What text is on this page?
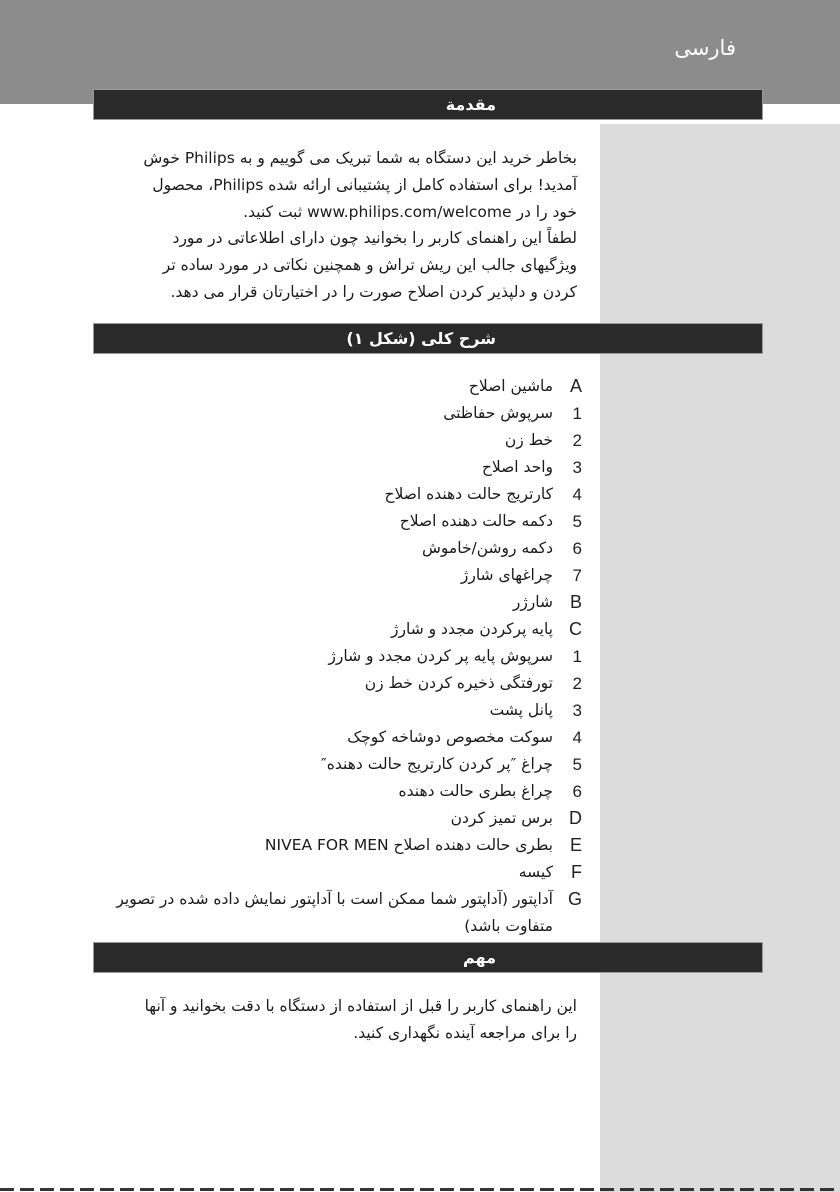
فارسی
مقدمة

بخاطر خرید این دستگاه به شما تبریک می گوییم و به Philips خوش

آمدید! برای استفاده کامل از پشتیبانی ارائه شده Philips، محصول

خود را در www.philips.com/welcome ثبت کنید.

لطفاً این راهنمای کاربر را بخوانید چون دارای اطلاعاتی در مورد

ویژگیهای جالب این ریش تراش و همچنین نکاتی در مورد ساده تر

کردن و دلپذیر کردن اصلاح صورت را در اختیارتان قرار می دهد.

شرح کلی (شکل ۱)
A
ماشین اصلاح
1
سرپوش حفاظتی
2
خط زن
3
واحد اصلاح
4
کارتریج حالت دهنده اصلاح
5
دکمه حالت دهنده اصلاح
6
دکمه روشن/خاموش
7
چراغهای شارژ
B
شارژر
C
پایه پرکردن مجدد و شارژ
1
سرپوش پایه پر کردن مجدد و شارژ
2
تورفتگی ذخیره کردن خط زن
3
پانل پشت
4
سوکت مخصوص دوشاخه کوچک
5
چراغ ″پر کردن کارتریج حالت دهنده″
6
چراغ بطری حالت دهنده
D
برس تمیز کردن
E
بطری حالت دهنده اصلاح NIVEA FOR MEN
F
کیسه
G
آداپتور (آداپتور شما ممکن است با آداپتور نمایش داده شده در تصویر متفاوت باشد)
مهم

این راهنمای کاربر را قبل از استفاده از دستگاه با دقت بخوانید و آنها

را برای مراجعه آینده نگهداری کنید.
